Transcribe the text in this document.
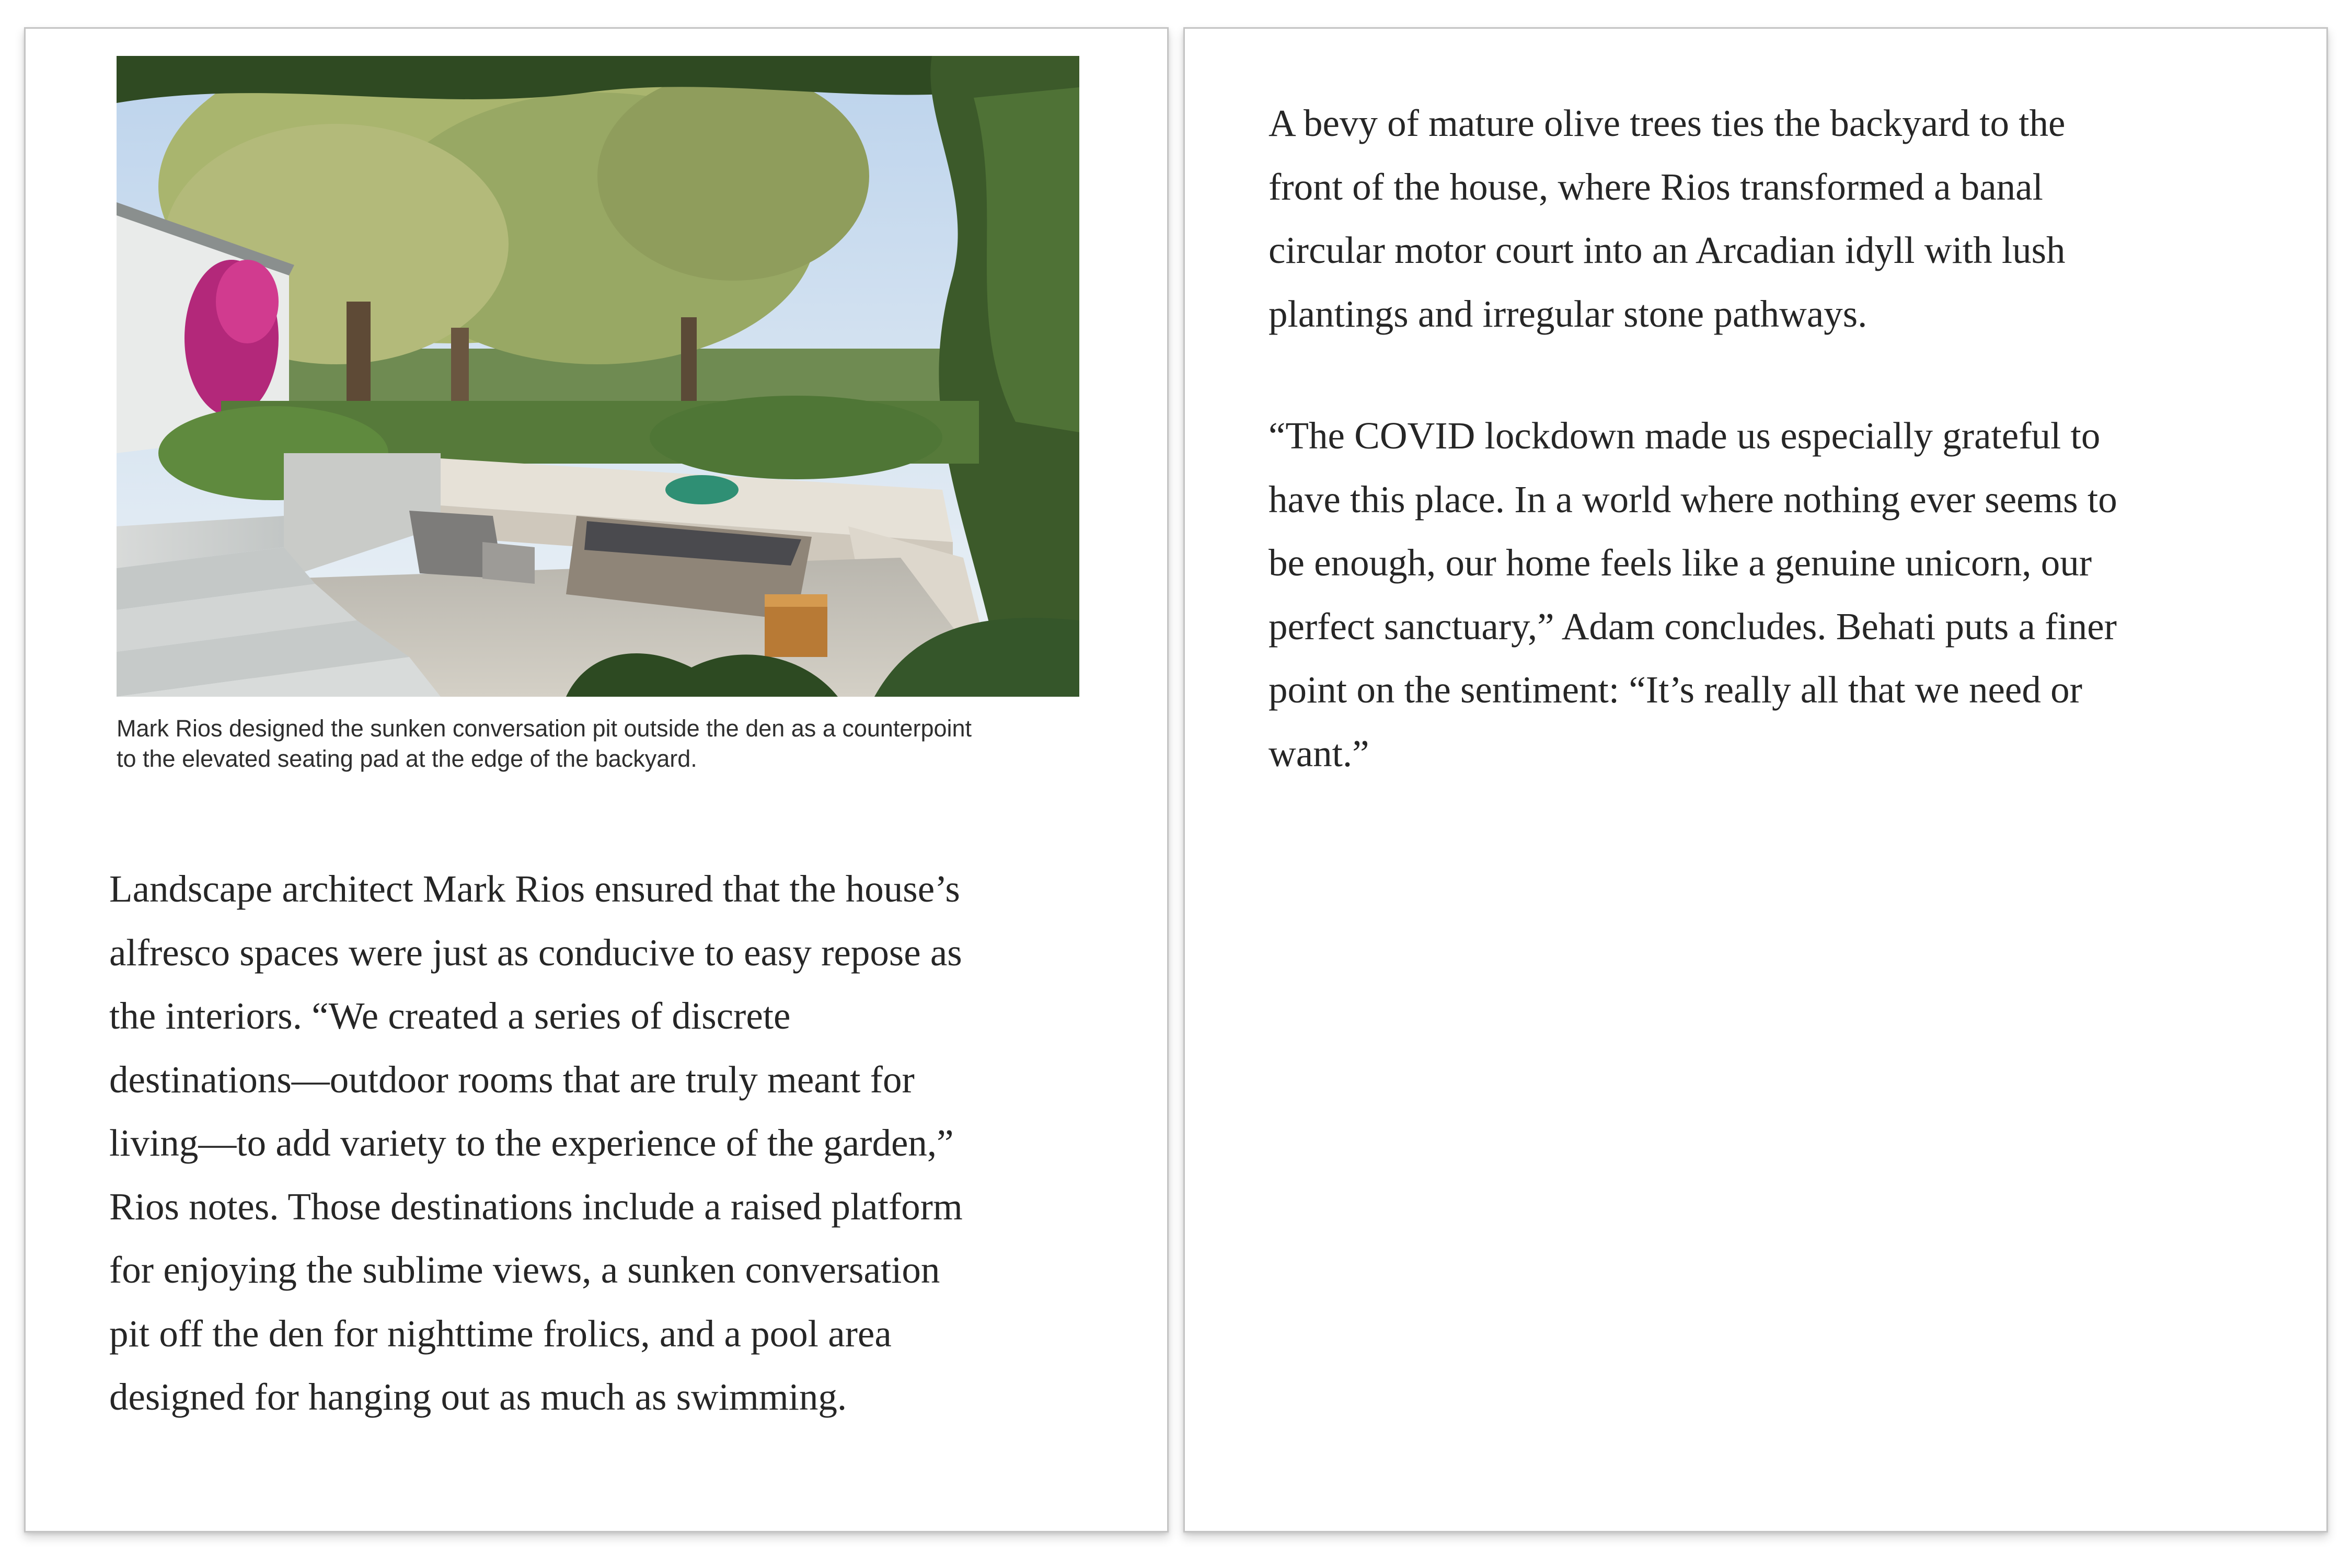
Mark Rios designed the sunken conversation pit outside the den as a counterpoint
to the elevated seating pad at the edge of the backyard.

Landscape architect Mark Rios ensured that the house’s
alfresco spaces were just as conducive to easy repose as
the interiors. “We created a series of discrete
destinations—outdoor rooms that are truly meant for
living—to add variety to the experience of the garden,”
Rios notes. Those destinations include a raised platform
for enjoying the sublime views, a sunken conversation
pit off the den for nighttime frolics, and a pool area
designed for hanging out as much as swimming.

A bevy of mature olive trees ties the backyard to the
front of the house, where Rios transformed a banal
circular motor court into an Arcadian idyll with lush
plantings and irregular stone pathways.

“The COVID lockdown made us especially grateful to
have this place. In a world where nothing ever seems to
be enough, our home feels like a genuine unicorn, our
perfect sanctuary,” Adam concludes. Behati puts a finer
point on the sentiment: “It’s really all that we need or
want.”
